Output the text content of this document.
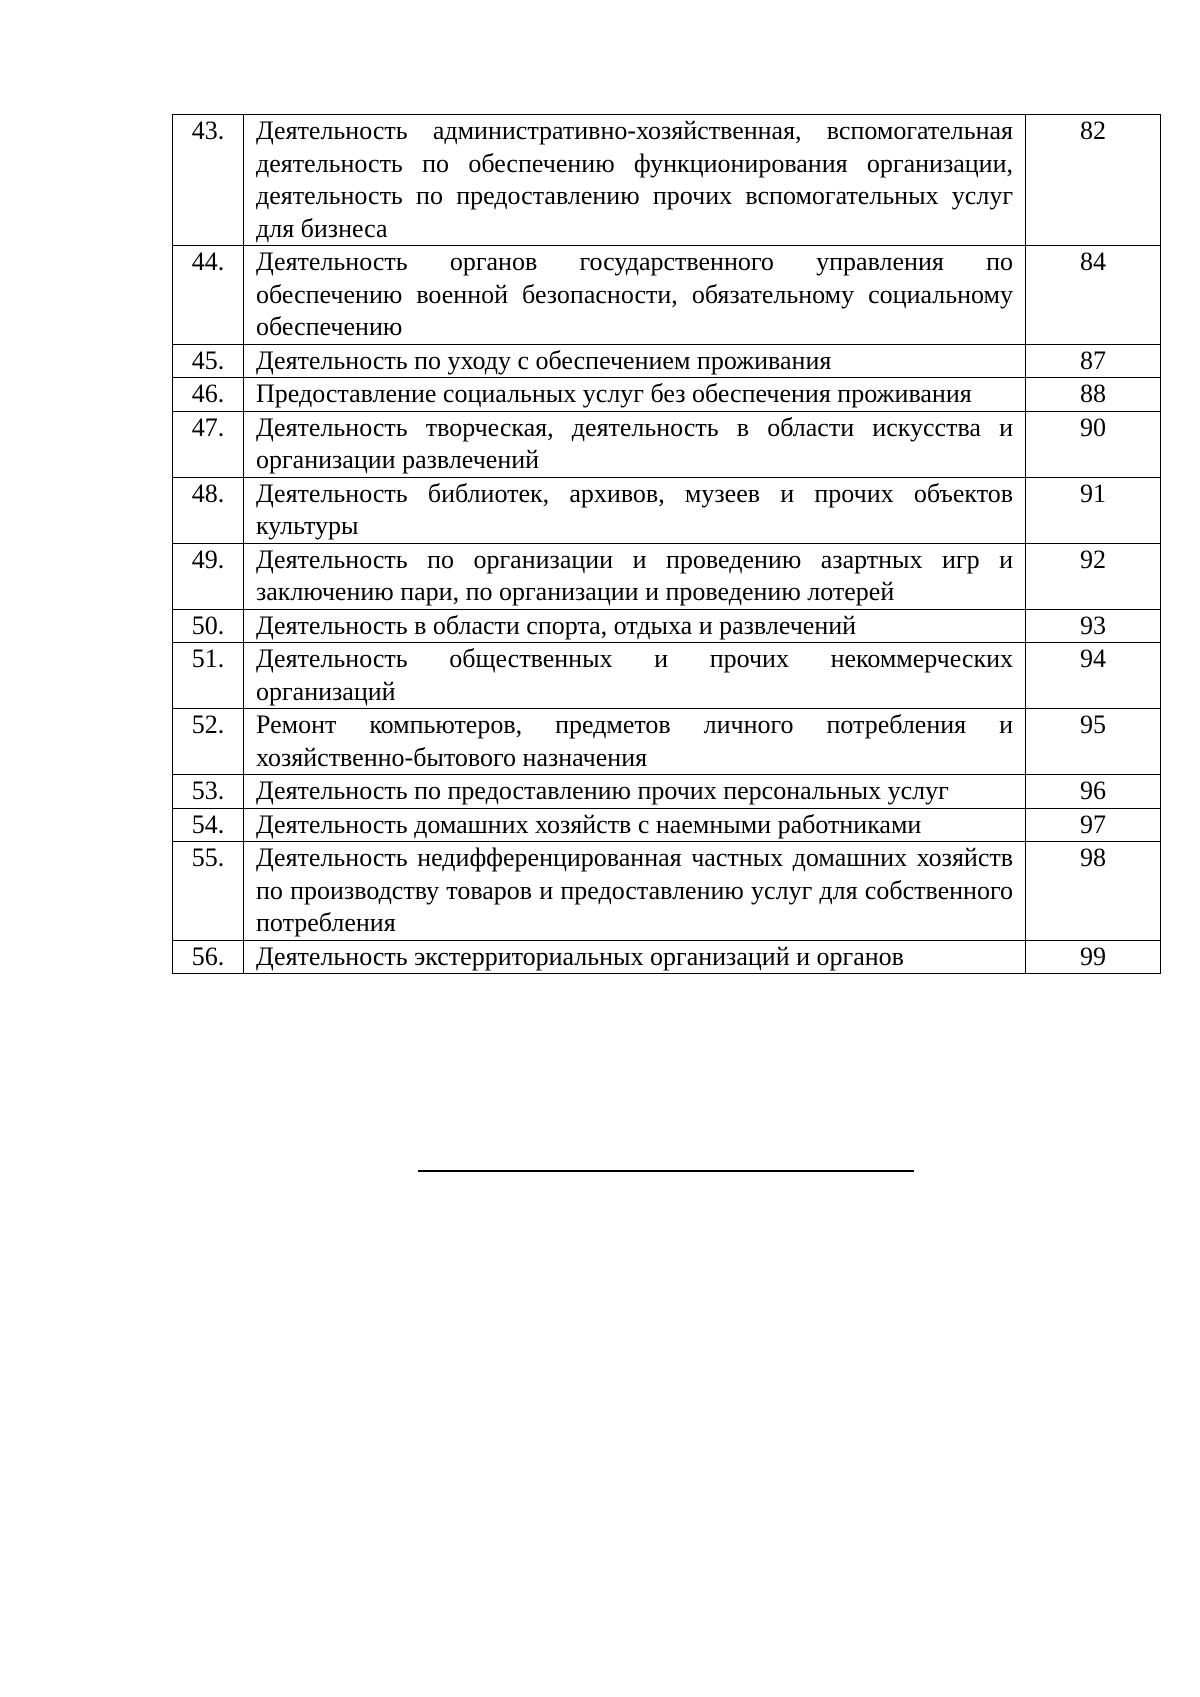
43.	Деятельность административно-хозяйственная, вспомогательная деятельность по обеспечению функционирования организации, деятельность по предоставлению прочих вспомогательных услуг для бизнеса	82
44.	Деятельность органов государственного управления по обеспечению военной безопасности, обязательному социальному обеспечению	84
45.	Деятельность по уходу с обеспечением проживания	87
46.	Предоставление социальных услуг без обеспечения проживания	88
47.	Деятельность творческая, деятельность в области искусства и организации развлечений	90
48.	Деятельность библиотек, архивов, музеев и прочих объектов культуры	91
49.	Деятельность по организации и проведению азартных игр и заключению пари, по организации и проведению лотерей	92
50.	Деятельность в области спорта, отдыха и развлечений	93
51.	Деятельность общественных и прочих некоммерческих организаций	94
52.	Ремонт компьютеров, предметов личного потребления и хозяйственно-бытового назначения	95
53.	Деятельность по предоставлению прочих персональных услуг	96
54.	Деятельность домашних хозяйств с наемными работниками	97
55.	Деятельность недифференцированная частных домашних хозяйств по производству товаров и предоставлению услуг для собственного потребления	98
56.	Деятельность экстерриториальных организаций и органов	99
